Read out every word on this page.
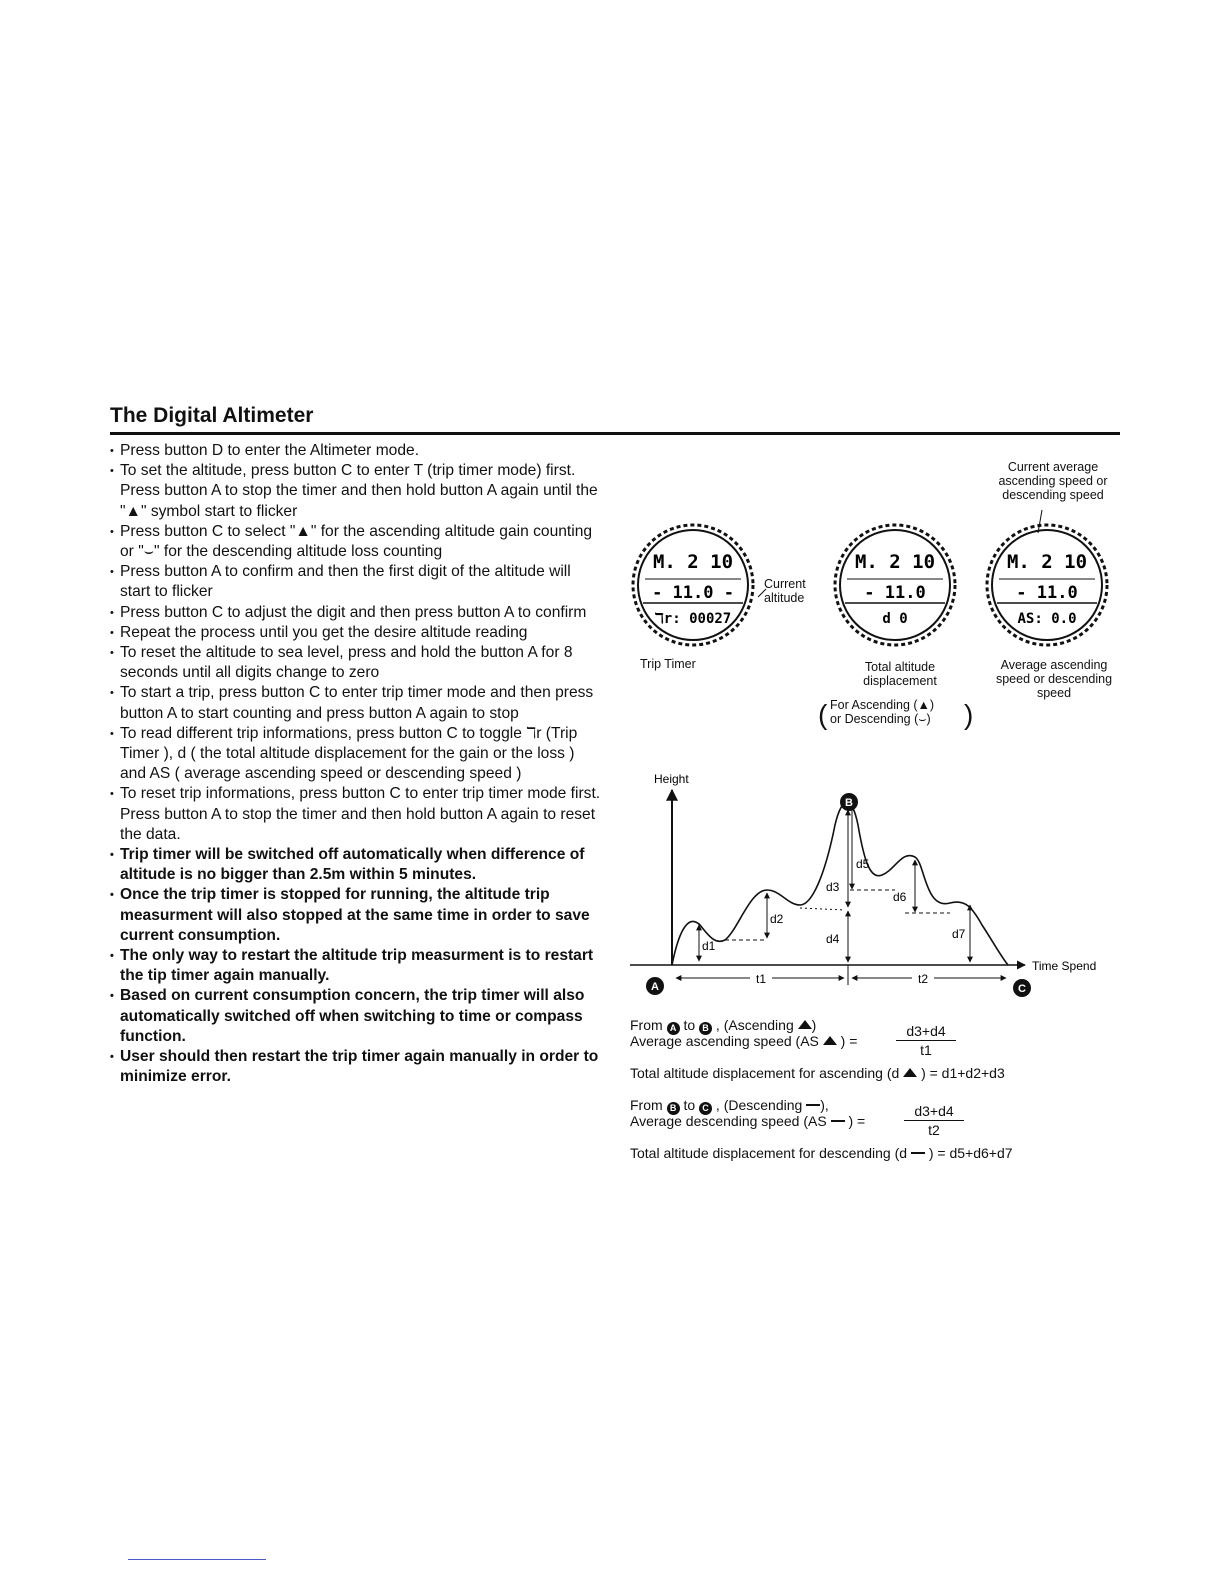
The Digital Altimeter
• Press button D to enter the Altimeter mode.
• To set the altitude, press button C to enter T (trip timer mode) first. Press button A to stop the timer and then hold button A again until the "▲" symbol start to flicker
• Press button C to select "▲" for the ascending altitude gain counting or "⌣" for the descending altitude loss counting
• Press button A to confirm and then the first digit of the altitude will start to flicker
• Press button C to adjust the digit and then press button A to confirm
• Repeat the process until you get the desire altitude reading
• To reset the altitude to sea level, press and hold the button A for 8 seconds until all digits change to zero
• To start a trip, press button C to enter trip timer mode and then press button A to start counting and press button A again to stop
• To read different trip informations, press button C to toggle ℸr (Trip Timer ), d ( the total altitude displacement for the gain or the loss ) and AS ( average ascending speed or descending speed )
• To reset trip informations, press button C to enter trip timer mode first. Press button A to stop the timer and then hold button A again to reset the data.
• Trip timer will be switched off automatically when difference of altitude is no bigger than 2.5m within 5 minutes.
• Once the trip timer is stopped for running, the altitude trip measurment will also stopped at the same time in order to save current consumption.
• The only way to restart the altitude trip measurment is to restart the tip timer again manually.
• Based on current consumption concern, the trip timer will also automatically switched off when switching to time or compass function.
• User should then restart the trip timer again manually in order to minimize error.
M. 2 10
- 11.0 -
ℸr: 00027
M. 2 10
- 11.0
d 0
M. 2 10
- 11.0
AS: 0.0
Current altitude
Current average ascending speed or descending speed
Trip Timer	Total altitude displacement
Average ascending speed or descending speed
( For Ascending (▲)
or Descending (⌣)	)
Height
Time Spend
t1	t2
d1
d2
d3
d4
d5
d6
d7
A
B
C
From A to B , (Ascending )
Average ascending speed (AS ) =	$\frac{d3+d4}{t1}$
Total altitude displacement for ascending (d ) = d1+d2+d3
From B to C , (Descending ),
Average descending speed (AS ) =	$\frac{d3+d4}{t2}$
Total altitude displacement for descending (d ) = d5+d6+d7
